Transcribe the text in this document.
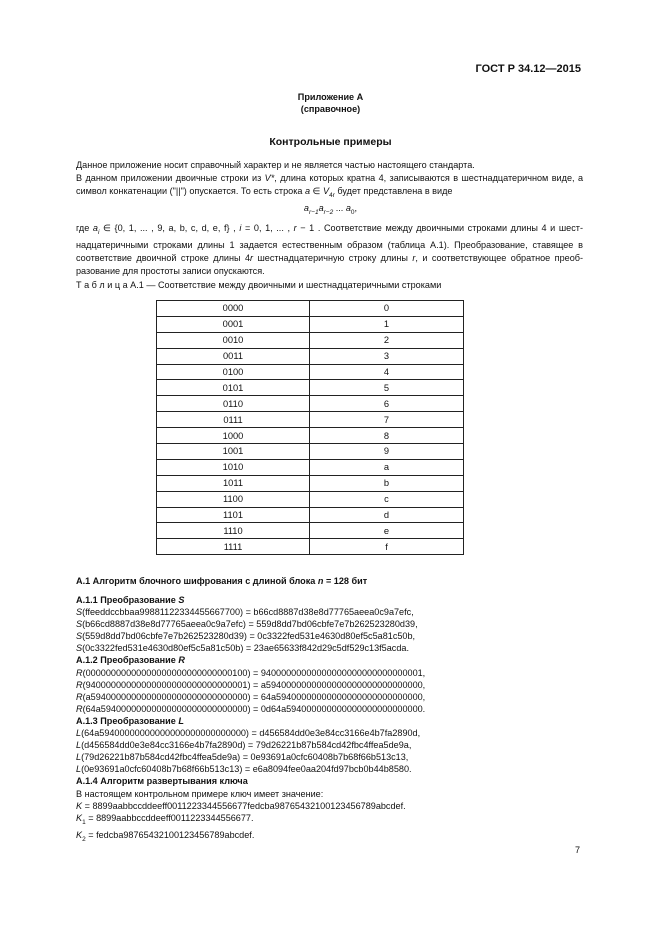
ГОСТ Р 34.12—2015
Приложение А
(справочное)
Контрольные примеры

Данное приложение носит справочный характер и не является частью настоящего стандарта.

В данном приложении двоичные строки из V*, длина которых кратна 4, записываются в шестнадцатеричном виде, а символ конкатенации ("||") опускается. То есть строка a ∈ $V_{4r}$ будет представлена в виде

$a_{r-1}a_{r-2}$ ... $a_0$,

где $a_i$ ∈ {0, 1, ... , 9, a, b, c, d, e, f} , i = 0, 1, ... , r − 1 . Соответствие между двоичными строками длины 4 и шест-надцатеричными строками длины 1 задается естественным образом (таблица А.1). Преобразование, ставящее в соответствие двоичной строке длины 4r шестнадцатеричную строку длины r, и соответствующее обратное преоб-разование для простоты записи опускаются.

Т а б л и ц а А.1 — Соответствие между двоичными и шестнадцатеричными строками
0000	0
0001	1
0010	2
0011	3
0100	4
0101	5
0110	6
0111	7
1000	8
1001	9
1010	a
1011	b
1100	c
1101	d
1110	e
1111	f
А.1 Алгоритм блочного шифрования с длиной блока n = 128 бит
А.1.1 Преобразование S
S(ffeeddccbbaa99881122334455667700) = b66cd8887d38e8d77765aeea0c9a7efc,
S(b66cd8887d38e8d77765aeea0c9a7efc) = 559d8dd7bd06cbfe7e7b262523280d39,
S(559d8dd7bd06cbfe7e7b262523280d39) = 0c3322fed531e4630d80ef5c5a81c50b,
S(0c3322fed531e4630d80ef5c5a81c50b) = 23ae65633f842d29c5df529c13f5acda.
А.1.2 Преобразование R
R(00000000000000000000000000000100) = 94000000000000000000000000000001,
R(94000000000000000000000000000001) = a5940000000000000000000000000000,
R(a5940000000000000000000000000000) = 64a59400000000000000000000000000,
R(64a59400000000000000000000000000) = 0d64a594000000000000000000000000.
А.1.3 Преобразование L
L(64a59400000000000000000000000000) = d456584dd0e3e84cc3166e4b7fa2890d,
L(d456584dd0e3e84cc3166e4b7fa2890d) = 79d26221b87b584cd42fbc4ffea5de9a,
L(79d26221b87b584cd42fbc4ffea5de9a) = 0e93691a0cfc60408b7b68f66b513c13,
L(0e93691a0cfc60408b7b68f66b513c13) = e6a8094fee0aa204fd97bcb0b44b8580.
А.1.4 Алгоритм развертывания ключа
В настоящем контрольном примере ключ имеет значение:
K = 8899aabbccddeeff0011223344556677fedcba98765432100123456789abcdef.
$K_1$ = 8899aabbccddeeff0011223344556677.
$K_2$ = fedcba98765432100123456789abcdef.
7
